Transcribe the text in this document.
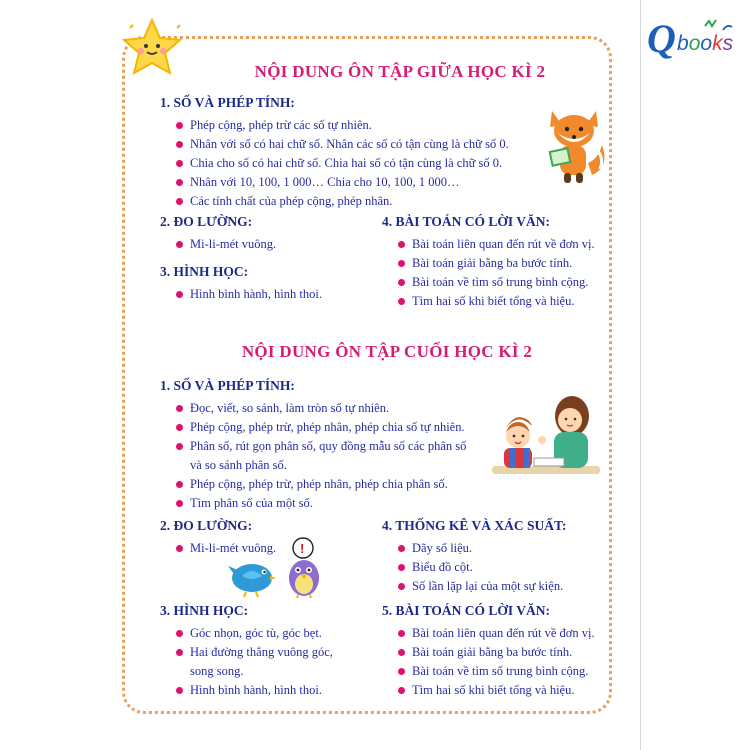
Q books
NỘI DUNG ÔN TẬP GIỮA HỌC KÌ 2
NỘI DUNG ÔN TẬP CUỐI HỌC KÌ 2
1. SỐ VÀ PHÉP TÍNH:
Phép cộng, phép trừ các số tự nhiên.
Nhân với số có hai chữ số. Nhân các số có tận cùng là chữ số 0.
Chia cho số có hai chữ số. Chia hai số có tận cùng là chữ số 0.
Nhân với 10, 100, 1 000… Chia cho 10, 100, 1 000…
Các tính chất của phép cộng, phép nhân.
2. ĐO LƯỜNG:
Mi-li-mét vuông.
3. HÌNH HỌC:
Hình bình hành, hình thoi.
4. BÀI TOÁN CÓ LỜI VĂN:
Bài toán liên quan đến rút về đơn vị.
Bài toán giải bằng ba bước tính.
Bài toán về tìm số trung bình cộng.
Tìm hai số khi biết tổng và hiệu.
1. SỐ VÀ PHÉP TÍNH:
Đọc, viết, so sánh, làm tròn số tự nhiên.
Phép cộng, phép trừ, phép nhân, phép chia số tự nhiên.
Phân số, rút gọn phân số, quy đồng mẫu số các phân số
và so sánh phân số.
Phép cộng, phép trừ, phép nhân, phép chia phân số.
Tìm phân số của một số.
2. ĐO LƯỜNG:
Mi-li-mét vuông. !
3. HÌNH HỌC:
Góc nhọn, góc tù, góc bẹt.
Hai đường thẳng vuông góc,
song song.
Hình bình hành, hình thoi.
4. THỐNG KÊ VÀ XÁC SUẤT:
Dãy số liệu.
Biểu đồ cột.
Số lần lặp lại của một sự kiện.
5. BÀI TOÁN CÓ LỜI VĂN:
Bài toán liên quan đến rút về đơn vị.
Bài toán giải bằng ba bước tính.
Bài toán về tìm số trung bình cộng.
Tìm hai số khi biết tổng và hiệu.
